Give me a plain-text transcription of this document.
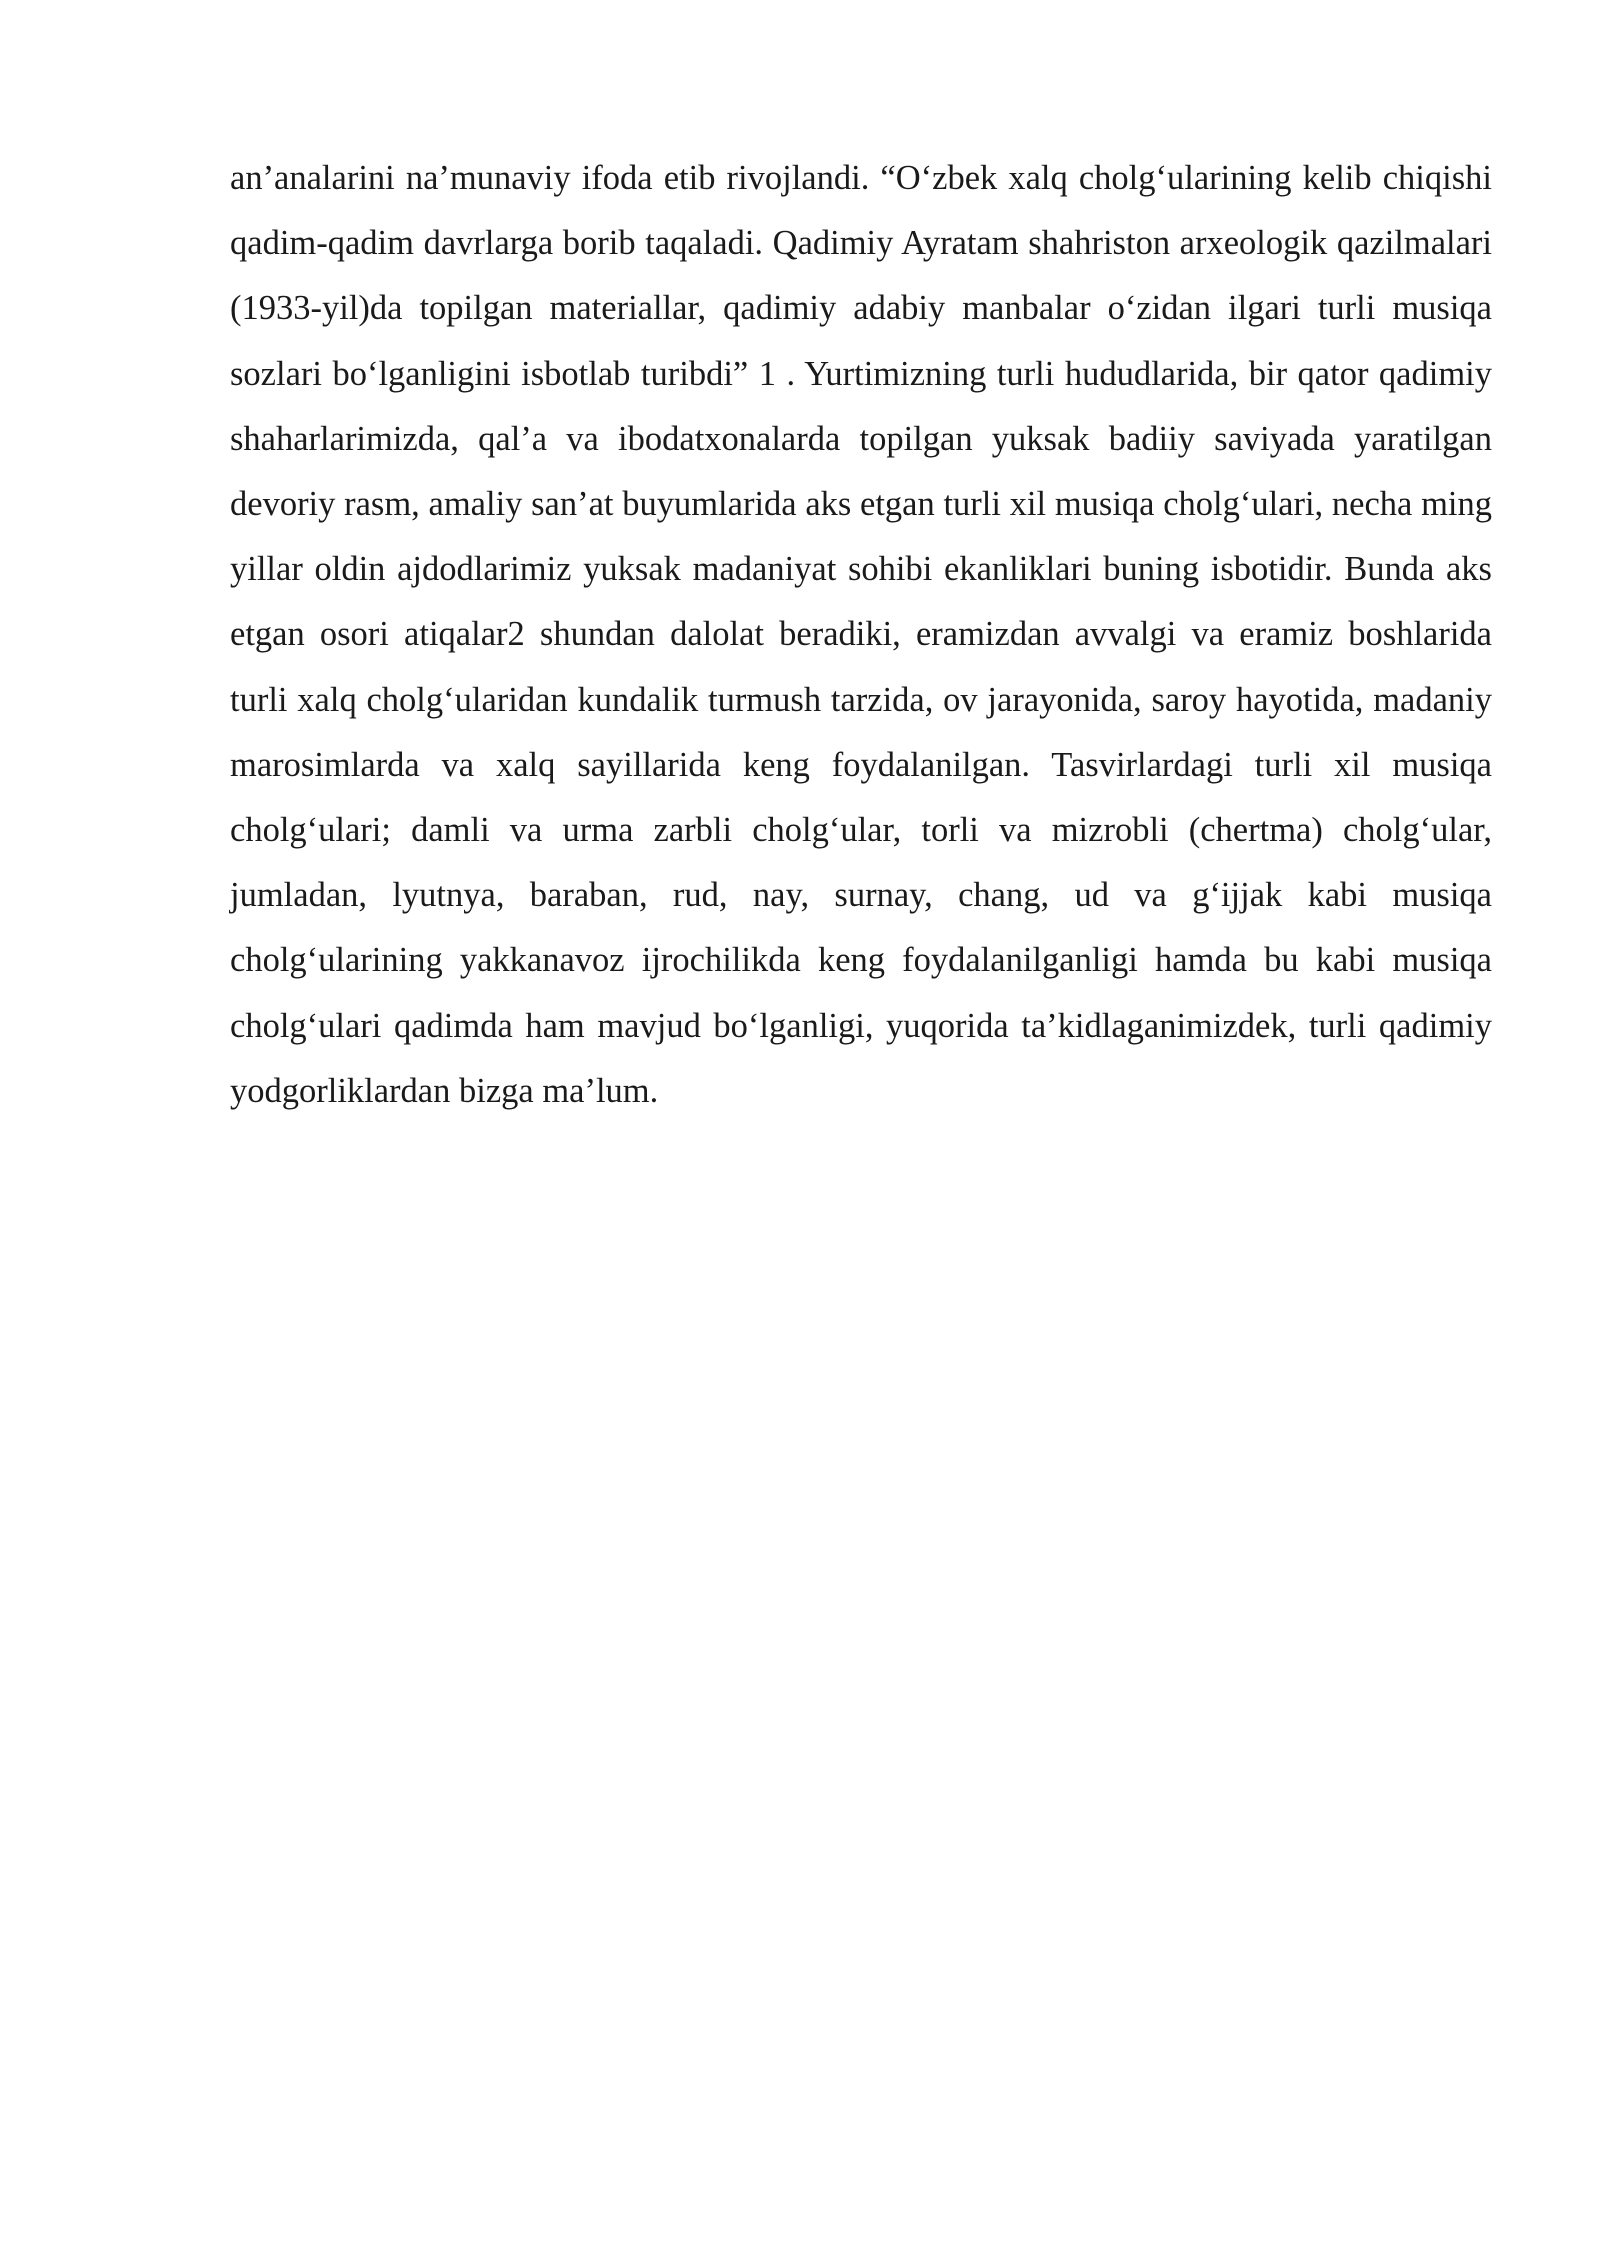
an’analarini na’munaviy ifoda etib rivojlandi. “O‘zbek xalq cholg‘ularining kelib chiqishi qadim-qadim davrlarga borib taqaladi. Qadimiy Ayratam shahriston arxeologik qazilmalari (1933-yil)da topilgan materiallar, qadimiy adabiy manbalar o‘zidan ilgari turli musiqa sozlari bo‘lganligini isbotlab turibdi” 1 . Yurtimizning turli hududlarida, bir qator qadimiy shaharlarimizda, qal’a va ibodatxonalarda topilgan yuksak badiiy saviyada yaratilgan devoriy rasm, amaliy san’at buyumlarida aks etgan turli xil musiqa cholg‘ulari, necha ming yillar oldin ajdodlarimiz yuksak madaniyat sohibi ekanliklari buning isbotidir. Bunda aks etgan osori atiqalar2 shundan dalolat beradiki, eramizdan avvalgi va eramiz boshlarida turli xalq cholg‘ularidan kundalik turmush tarzida, ov jarayonida, saroy hayotida, madaniy marosimlarda va xalq sayillarida keng foydalanilgan. Tasvirlardagi turli xil musiqa cholg‘ulari; damli va urma zarbli cholg‘ular, torli va mizrobli (chertma) cholg‘ular, jumladan, lyutnya, baraban, rud, nay, surnay, chang, ud va g‘ijjak kabi musiqa cholg‘ularining yakkanavoz ijrochilikda keng foydalanilganligi hamda bu kabi musiqa cholg‘ulari qadimda ham mavjud bo‘lganligi, yuqorida ta’kidlaganimizdek, turli qadimiy yodgorliklardan bizga ma’lum.
